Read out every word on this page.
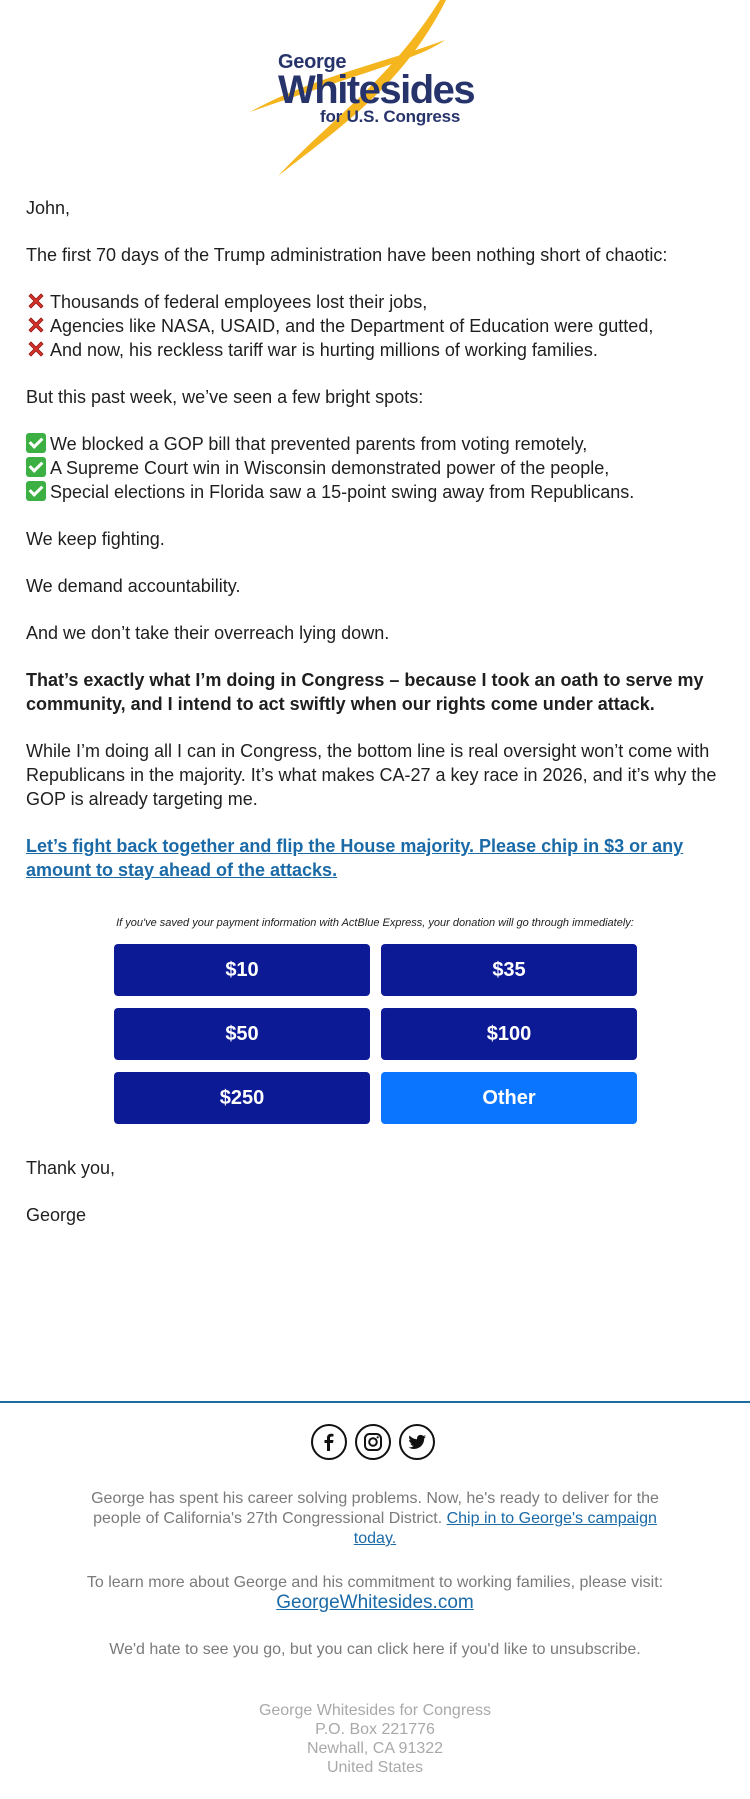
George
Whitesides
for U.S. Congress

John,

The first 70 days of the Trump administration have been nothing short of chaotic:

Thousands of federal employees lost their jobs,
Agencies like NASA, USAID, and the Department of Education were gutted,
And now, his reckless tariff war is hurting millions of working families.

But this past week, we’ve seen a few bright spots:

We blocked a GOP bill that prevented parents from voting remotely,
A Supreme Court win in Wisconsin demonstrated power of the people,
Special elections in Florida saw a 15-point swing away from Republicans.

We keep fighting.

We demand accountability.

And we don’t take their overreach lying down.

That’s exactly what I’m doing in Congress – because I took an oath to serve my community, and I intend to act swiftly when our rights come under attack.

While I’m doing all I can in Congress, the bottom line is real oversight won’t come with Republicans in the majority. It’s what makes CA-27 a key race in 2026, and it’s why the GOP is already targeting me.

Let’s fight back together and flip the House majority. Please chip in $3 or any amount to stay ahead of the attacks.

If you've saved your payment information with ActBlue Express, your donation will go through immediately:
$10	$35
$50	$100
$250	Other

Thank you,

George

George has spent his career solving problems. Now, he's ready to deliver for the people of California's 27th Congressional District. Chip in to George's campaign today.
To learn more about George and his commitment to working families, please visit:
GeorgeWhitesides.com
We'd hate to see you go, but you can click here if you'd like to unsubscribe.
George Whitesides for Congress
P.O. Box 221776
Newhall, CA 91322
United States
